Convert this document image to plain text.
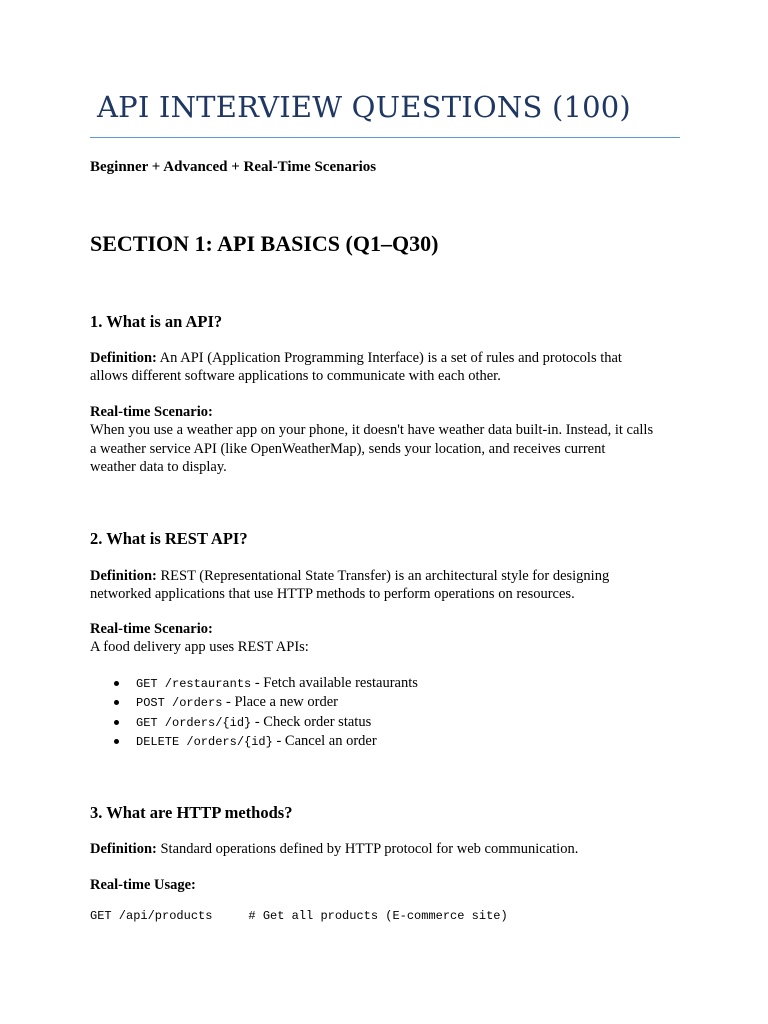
API INTERVIEW QUESTIONS (100)
Beginner + Advanced + Real-Time Scenarios
SECTION 1: API BASICS (Q1–Q30)
1. What is an API?
Definition: An API (Application Programming Interface) is a set of rules and protocols that
allows different software applications to communicate with each other.
Real-time Scenario:
When you use a weather app on your phone, it doesn't have weather data built-in. Instead, it calls
a weather service API (like OpenWeatherMap), sends your location, and receives current
weather data to display.
2. What is REST API?
Definition: REST (Representational State Transfer) is an architectural style for designing
networked applications that use HTTP methods to perform operations on resources.
Real-time Scenario:
A food delivery app uses REST APIs:
GET /restaurants - Fetch available restaurants
POST /orders - Place a new order
GET /orders/{id} - Check order status
DELETE /orders/{id} - Cancel an order
3. What are HTTP methods?
Definition: Standard operations defined by HTTP protocol for web communication.
Real-time Usage:
GET /api/products     # Get all products (E-commerce site)
